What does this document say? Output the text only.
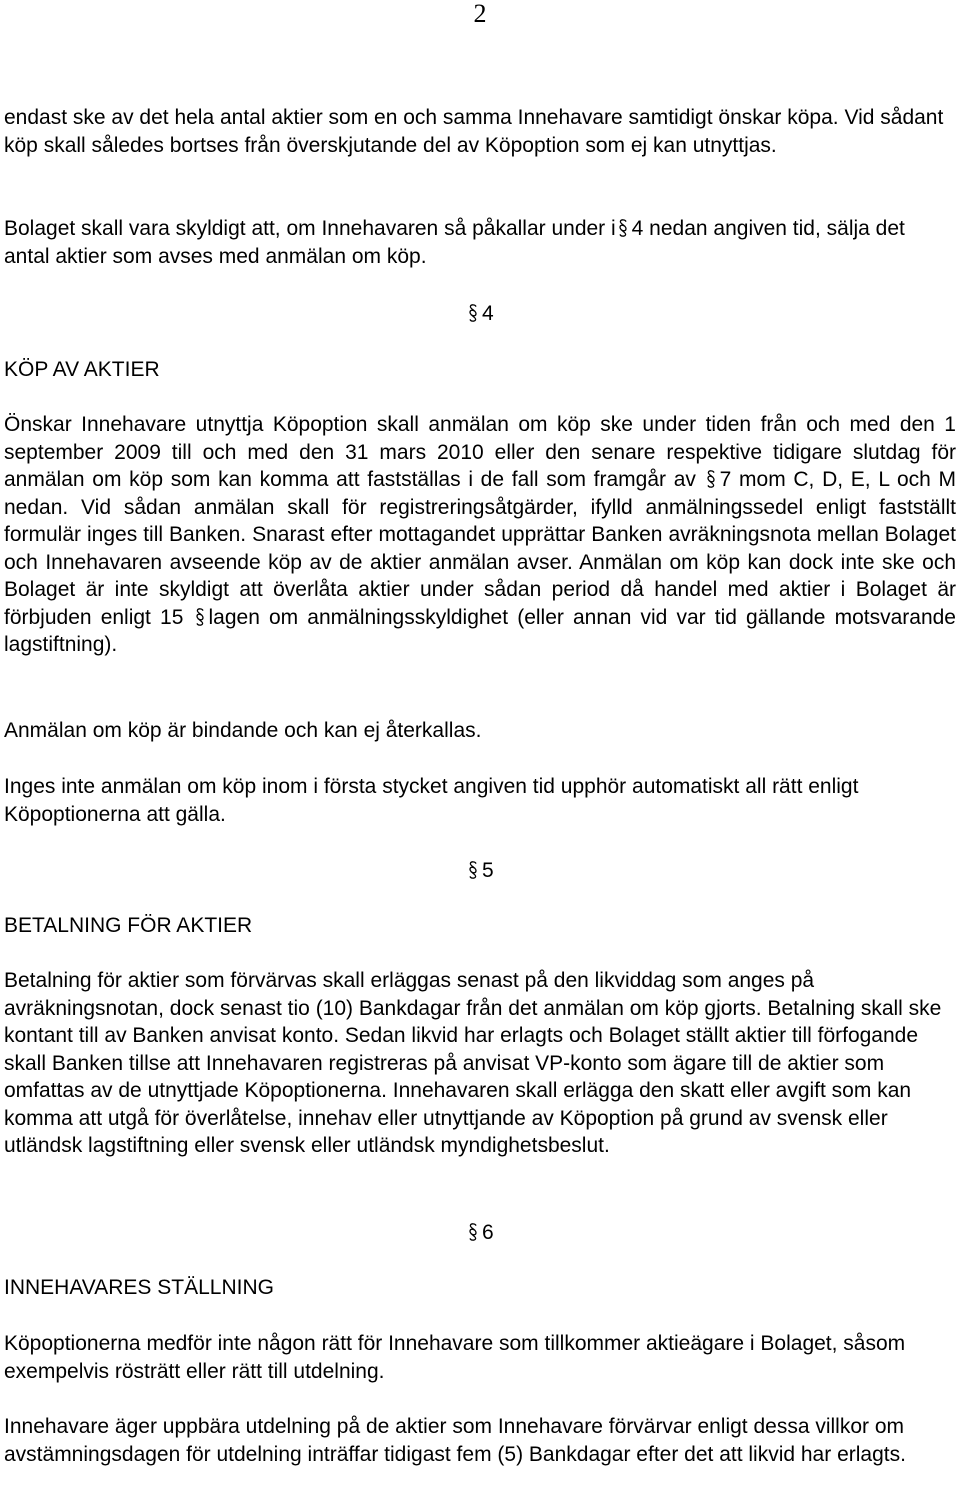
2

endast ske av det hela antal aktier som en och samma Innehavare samtidigt önskar köpa. Vid sådant köp skall således bortses från överskjutande del av Köpoption som ej kan utnyttjas.

Bolaget skall vara skyldigt att, om Innehavaren så påkallar under i 4 nedan angiven tid, sälja det antal aktier som avses med anmälan om köp.

4
KÖP AV AKTIER

Önskar Innehavare utnyttja Köpoption skall anmälan om köp ske under tiden från och med den 1 september 2009 till och med den 31 mars 2010 eller den senare respektive tidigare slutdag för anmälan om köp som kan komma att fastställas i de fall som framgår av 7 mom C, D, E, L och M nedan. Vid sådan anmälan skall för registreringsåtgärder, ifylld anmälningssedel enligt fastställt formulär inges till Banken. Snarast efter mottagandet upprättar Banken avräkningsnota mellan Bolaget och Innehavaren avseende köp av de aktier anmälan avser. Anmälan om köp kan dock inte ske och Bolaget är inte skyldigt att överlåta aktier under sådan period då handel med aktier i Bolaget är förbjuden enligt 15 lagen om anmälningsskyldighet (eller annan vid var tid gällande motsvarande lagstiftning).

Anmälan om köp är bindande och kan ej återkallas.

Inges inte anmälan om köp inom i första stycket angiven tid upphör automatiskt all rätt enligt Köpoptionerna att gälla.

5
BETALNING FÖR AKTIER

Betalning för aktier som förvärvas skall erläggas senast på den likviddag som anges på avräkningsnotan, dock senast tio (10) Bankdagar från det anmälan om köp gjorts. Betalning skall ske kontant till av Banken anvisat konto. Sedan likvid har erlagts och Bolaget ställt aktier till förfogande skall Banken tillse att Innehavaren registreras på anvisat VP-konto som ägare till de aktier som omfattas av de utnyttjade Köpoptionerna. Innehavaren skall erlägga den skatt eller avgift som kan komma att utgå för överlåtelse, innehav eller utnyttjande av Köpoption på grund av svensk eller utländsk lagstiftning eller svensk eller utländsk myndighetsbeslut.

6
INNEHAVARES STÄLLNING

Köpoptionerna medför inte någon rätt för Innehavare som tillkommer aktieägare i Bolaget, såsom exempelvis rösträtt eller rätt till utdelning.

Innehavare äger uppbära utdelning på de aktier som Innehavare förvärvar enligt dessa villkor om avstämningsdagen för utdelning inträffar tidigast fem (5) Bankdagar efter det att likvid har erlagts.
